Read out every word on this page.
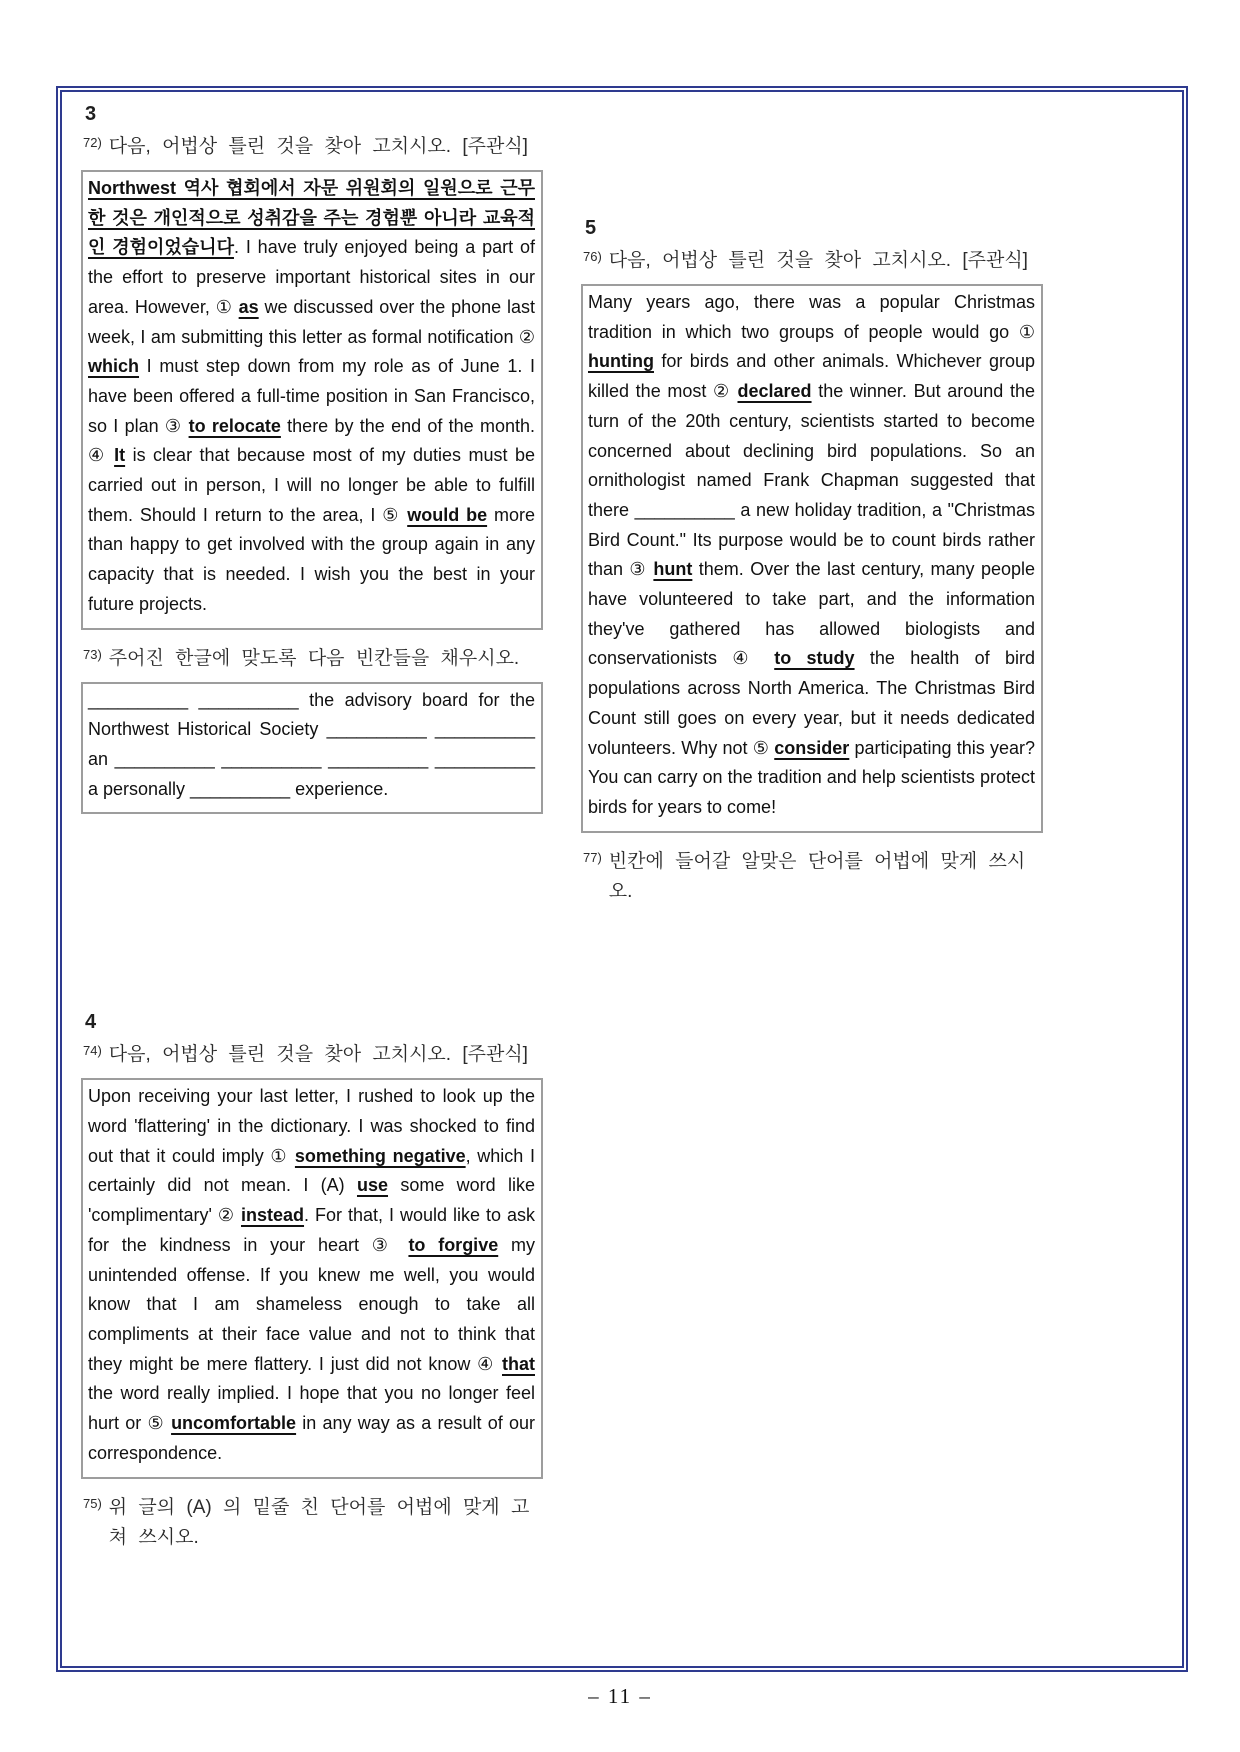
3
72) 다음, 어법상 틀린 것을 찾아 고치시오. [주관식]
Northwest 역사 협회에서 자문 위원회의 일원으로 근무한 것은 개인적으로 성취감을 주는 경험뿐 아니라 교육적인 경험이었습니다. I have truly enjoyed being a part of the effort to preserve important historical sites in our area. However, ① as we discussed over the phone last week, I am submitting this letter as formal notification ② which I must step down from my role as of June 1. I have been offered a full-time position in San Francisco, so I plan ③ to relocate there by the end of the month. ④ It is clear that because most of my duties must be carried out in person, I will no longer be able to fulfill them. Should I return to the area, I ⑤ would be more than happy to get involved with the group again in any capacity that is needed. I wish you the best in your future projects.
73) 주어진 한글에 맞도록 다음 빈칸들을 채우시오.
__________ __________ the advisory board for the Northwest Historical Society __________ __________ an __________ __________ __________ __________ a personally __________ experience.
4
74) 다음, 어법상 틀린 것을 찾아 고치시오. [주관식]
Upon receiving your last letter, I rushed to look up the word 'flattering' in the dictionary. I was shocked to find out that it could imply ① something negative, which I certainly did not mean. I (A) use some word like 'complimentary' ② instead. For that, I would like to ask for the kindness in your heart ③ to forgive my unintended offense. If you knew me well, you would know that I am shameless enough to take all compliments at their face value and not to think that they might be mere flattery. I just did not know ④ that the word really implied. I hope that you no longer feel hurt or ⑤ uncomfortable in any way as a result of our correspondence.
75) 위 글의 (A) 의 밑줄 친 단어를 어법에 맞게 고쳐 쓰시오.
5
76) 다음, 어법상 틀린 것을 찾아 고치시오. [주관식]
Many years ago, there was a popular Christmas tradition in which two groups of people would go ① hunting for birds and other animals. Whichever group killed the most ② declared the winner. But around the turn of the 20th century, scientists started to become concerned about declining bird populations. So an ornithologist named Frank Chapman suggested that there __________ a new holiday tradition, a "Christmas Bird Count." Its purpose would be to count birds rather than ③ hunt them. Over the last century, many people have volunteered to take part, and the information they've gathered has allowed biologists and conservationists ④ to study the health of bird populations across North America. The Christmas Bird Count still goes on every year, but it needs dedicated volunteers. Why not ⑤ consider participating this year? You can carry on the tradition and help scientists protect birds for years to come!
77) 빈칸에 들어갈 알맞은 단어를 어법에 맞게 쓰시오.
– 11 –
